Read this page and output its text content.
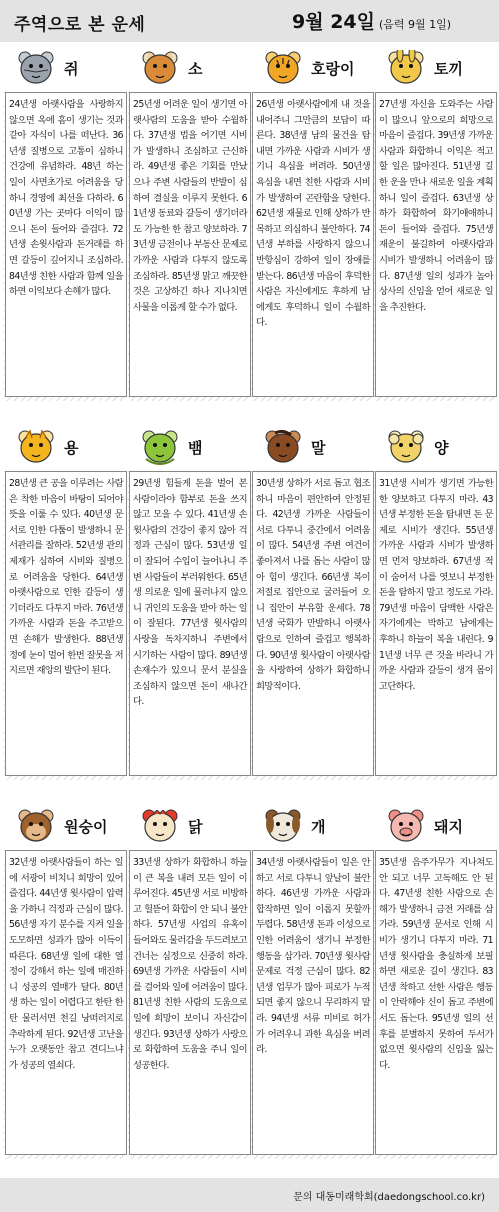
주역으로 본 운세	9월 24일 (음력 9월 1일)
쥐
24년생 아랫사람을 사랑하지 않으면 옥에 흠이 생기는 것과 같아 자식이 나를 떠난다. 36년생 질병으로 고통이 심하니 건강에 유념하라. 48년 하는 일이 사면초가로 어려움을 당하니 경영에 최선을 다하라. 60년생 가는 곳마다 이익이 많으니 돈이 들어와 즐겁다. 72년생 손윗사람과 돈거래를 하면 갈등이 깊어지니 조심하라. 84년생 친한 사람과 함께 일을 하면 이익보다 손해가 많다.
소
25년생 어려운 일이 생기면 아랫사람의 도움을 받아 수월하다. 37년생 법을 어기면 시비가 발생하니 조심하고 근신하라. 49년생 좋은 기회를 만났으나 주변 사람들의 반발이 심하여 결실을 이루지 못한다. 61년생 동료와 갈등이 생기더라도 가능한 한 참고 양보하라. 73년생 금전이나 부동산 문제로 가까운 사람과 다투지 않도록 조심하라. 85년생 맑고 깨끗한 것은 고상하긴 하나 지나치면 사물을 이롭게 할 수가 없다.
호랑이
26년생 아랫사람에게 내 것을 내어주니 그만큼의 보답이 따른다. 38년생 남의 물건을 탐내면 가까운 사람과 시비가 생기니 욕심을 버려라. 50년생 욕심을 내면 친한 사람과 시비가 발생하여 곤란함을 당한다. 62년생 재물로 인해 상하가 반목하고 의심하니 불안하다. 74년생 부하를 사랑하지 않으니 반항심이 강하여 일이 장애를 받는다. 86년생 마음이 후덕한 사람은 자신에게도 후하게 남에게도 후덕하니 일이 수월하다.
토끼
27년생 자신을 도와주는 사람이 많으니 앞으로의 희망으로 마음이 즐겁다. 39년생 가까운 사람과 화합하니 이익은 적고 할 일은 많아진다. 51년생 길한 운을 만나 새로운 일을 계획하니 일이 즐겁다. 63년생 상하가 화합하여 화기애애하니 돈이 들어와 즐겁다. 75년생 재운이 불길하여 아랫사람과 시비가 발생하니 어려움이 많다. 87년생 일의 성과가 높아 상사의 신임을 얻어 새로운 일을 추진한다.
용
28년생 큰 공을 이루려는 사람은 착한 마음이 바탕이 되어야 뜻을 이룰 수 있다. 40년생 문서로 인한 다툼이 발생하니 문서관리를 잘하라. 52년생 관의 제재가 심하여 시비와 질병으로 어려움을 당한다. 64년생 아랫사람으로 인한 갈등이 생기더라도 다투지 마라. 76년생 가까운 사람과 돈을 주고받으면 손해가 발생한다. 88년생 정에 눈이 멀어 한번 잘못을 저지르면 재앙의 발단이 된다.
뱀
29년생 힘들게 돈을 벌어 본 사람이라야 함부로 돈을 쓰지 않고 모을 수 있다. 41년생 손윗사람의 건강이 좋지 않아 걱정과 근심이 많다. 53년생 일이 잘되어 수입이 늘어나니 주변 사람들이 부러워한다. 65년생 의로운 일에 물러나지 않으니 귀인의 도움을 받아 하는 일이 잘된다. 77년생 윗사람의 사랑을 독차지하니 주변에서 시기하는 사람이 많다. 89년생 손재수가 있으니 문서 분실을 조심하지 않으면 돈이 새나간다.
말
30년생 상하가 서로 돕고 협조하니 마음이 편안하여 안정된다. 42년생 가까운 사람들이 서로 다투니 중간에서 어려움이 많다. 54년생 주변 여건이 좋아져서 나를 돕는 사람이 많아 힘이 생긴다. 66년생 복이 저절로 집안으로 굴러들어 오니 집안이 부유할 운세다. 78년생 국화가 만발하니 아랫사람으로 인하여 즐겁고 행복하다. 90년생 윗사람이 아랫사람을 사랑하여 상하가 화합하니 희망적이다.
양
31년생 시비가 생기면 가능한 한 양보하고 다투지 마라. 43년생 부정한 돈을 탐내면 돈 문제로 시비가 생긴다. 55년생 가까운 사람과 시비가 발생하면 먼저 양보하라. 67년생 적이 숨어서 나를 엿보니 부정한 돈을 탐하지 말고 정도로 가라. 79년생 마음이 담백한 사람은 자기에게는 박하고 남에게는 후하니 하늘이 복을 내린다. 91년생 너무 큰 것을 바라니 가까운 사람과 갈등이 생겨 몸이 고단하다.
원숭이
32년생 아랫사람들이 하는 일에 서광이 비치니 희망이 있어 즐겁다. 44년생 윗사람이 압력을 가하니 걱정과 근심이 많다. 56년생 자기 분수를 지켜 일을 도모하면 성과가 많아 이득이 따른다. 68년생 일에 대한 열정이 강해서 하는 일에 매진하니 성공의 열매가 달다. 80년생 하는 일이 어렵다고 한탄 한탄 물러서면 천길 낭떠러지로 추락하게 된다. 92년생 고난을 누가 오랫동안 참고 견디느냐가 성공의 열쇠다.
닭
33년생 상하가 화합하니 하늘이 큰 복을 내려 모든 일이 이루어진다. 45년생 서로 비방하고 헐뜯어 화합이 안 되니 불안하다. 57년생 사업의 유혹이 들어와도 물러감을 두드려보고 건너는 심정으로 신중히 하라. 69년생 가까운 사람들이 시비를 걸어와 일에 어려움이 많다. 81년생 친한 사람의 도움으로 일에 희망이 보이니 자신감이 생긴다. 93년생 상하가 사랑으로 화합하여 도움을 주니 일이 성공한다.
개
34년생 아랫사람들이 일은 안 하고 서로 다투니 앞날이 불안하다. 46년생 가까운 사람과 합작하면 일이 이롭지 못할까 두렵다. 58년생 돈과 이성으로 인한 어려움이 생기니 부정한 행동을 삼가라. 70년생 윗사람 문제로 걱정 근심이 많다. 82년생 업무가 많아 피로가 누적되면 좋지 않으니 무리하지 말라. 94년생 서류 미비로 허가가 어려우니 과한 욕심을 버려라.
돼지
35년생 음주가무가 지나쳐도 안 되고 너무 고독해도 안 된다. 47년생 친한 사람으로 손해가 발생하니 금전 거래를 삼가라. 59년생 문서로 인해 시비가 생기니 다투지 마라. 71년생 윗사람을 충실하게 보필하면 새로운 길이 생긴다. 83년생 착하고 선한 사람은 행동이 안락해야 신이 돕고 주변에서도 돕는다. 95년생 일의 선후를 분별하지 못하여 두서가 없으면 윗사람의 신임을 잃는다.
문의 대동미래학회(daedongschool.co.kr)
